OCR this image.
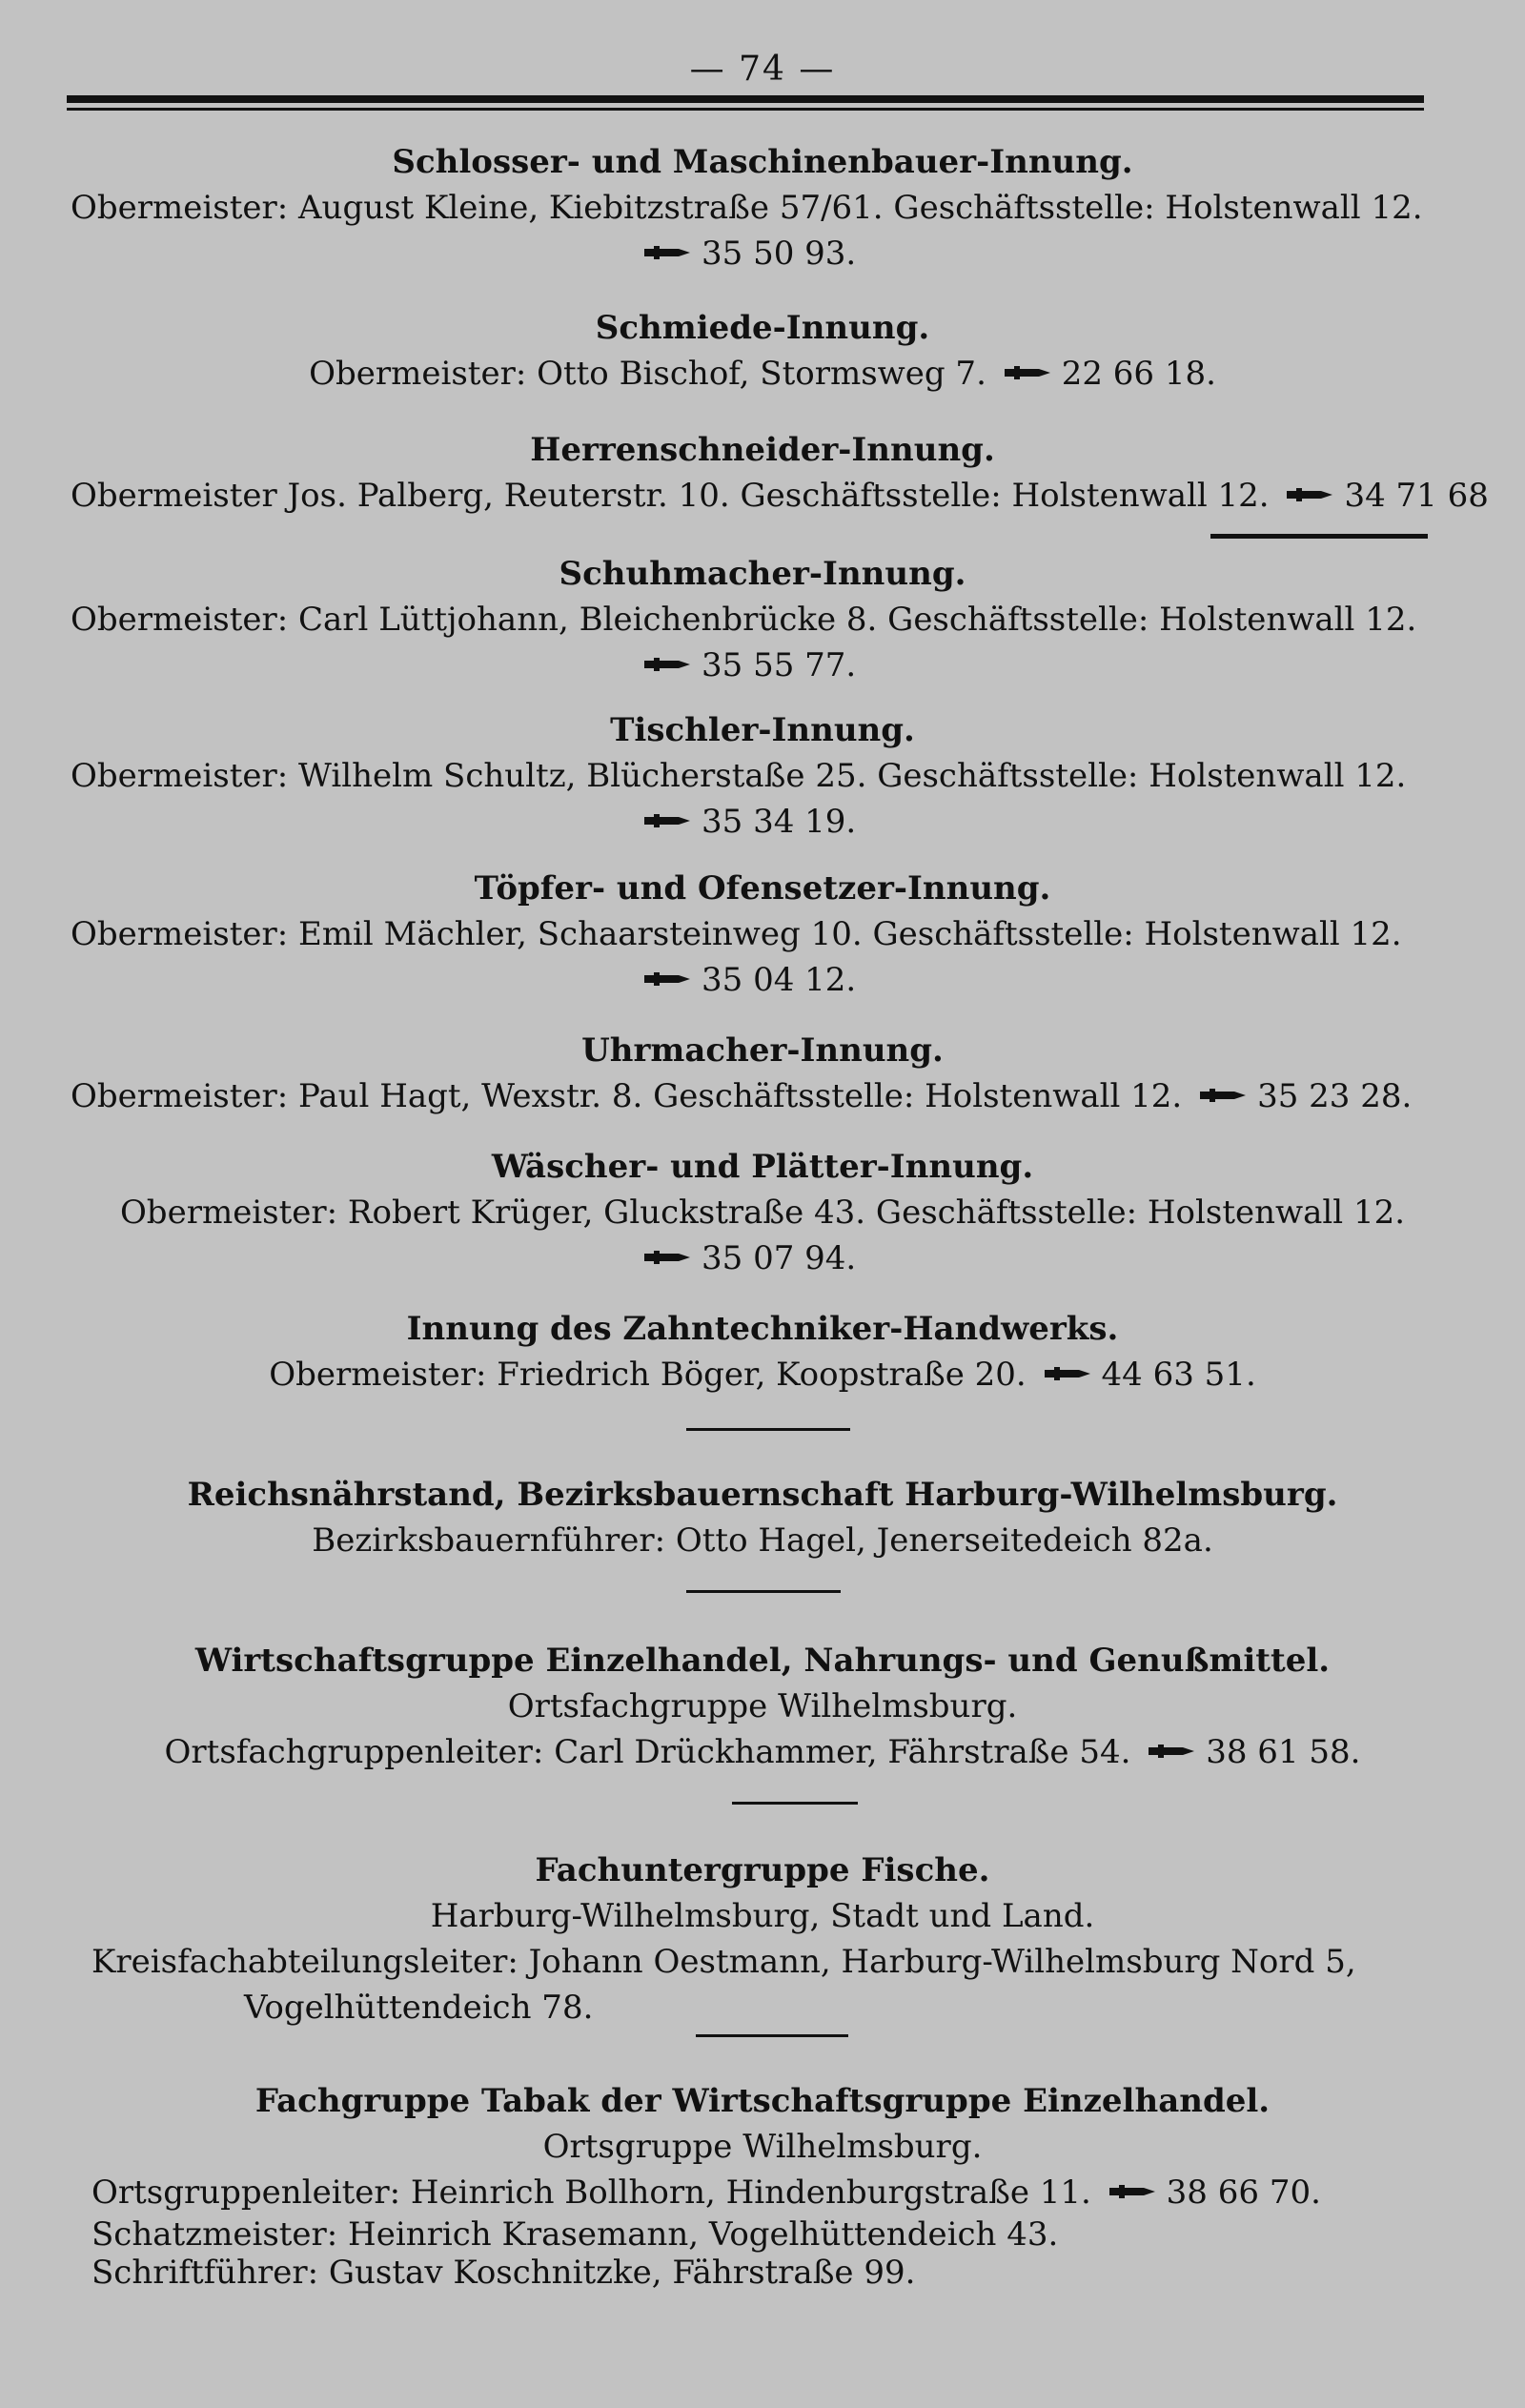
— 74 —
Schlosser- und Maschinenbauer-Innung.
Obermeister: August Kleine, Kiebitzstraße 57/61. Geschäftsstelle: Holstenwall 12.
35 50 93.
Schmiede-Innung.
Obermeister: Otto Bischof, Stormsweg 7. 22 66 18.
Herrenschneider-Innung.
Obermeister Jos. Palberg, Reuterstr. 10. Geschäftsstelle: Holstenwall 12. 34 71 68
Schuhmacher-Innung.
Obermeister: Carl Lüttjohann, Bleichenbrücke 8. Geschäftsstelle: Holstenwall 12.
35 55 77.
Tischler-Innung.
Obermeister: Wilhelm Schultz, Blücherstaße 25. Geschäftsstelle: Holstenwall 12.
35 34 19.
Töpfer- und Ofensetzer-Innung.
Obermeister: Emil Mächler, Schaarsteinweg 10. Geschäftsstelle: Holstenwall 12.
35 04 12.
Uhrmacher-Innung.
Obermeister: Paul Hagt, Wexstr. 8. Geschäftsstelle: Holstenwall 12. 35 23 28.
Wäscher- und Plätter-Innung.
Obermeister: Robert Krüger, Gluckstraße 43. Geschäftsstelle: Holstenwall 12.
35 07 94.
Innung des Zahntechniker-Handwerks.
Obermeister: Friedrich Böger, Koopstraße 20. 44 63 51.
Reichsnährstand, Bezirksbauernschaft Harburg-Wilhelmsburg.
Bezirksbauernführer: Otto Hagel, Jenerseitedeich 82a.
Wirtschaftsgruppe Einzelhandel, Nahrungs- und Genußmittel.
Ortsfachgruppe Wilhelmsburg.
Ortsfachgruppenleiter: Carl Drückhammer, Fährstraße 54. 38 61 58.
Fachuntergruppe Fische.
Harburg-Wilhelmsburg, Stadt und Land.
Kreisfachabteilungsleiter: Johann Oestmann, Harburg-Wilhelmsburg Nord 5,
Vogelhüttendeich 78.
Fachgruppe Tabak der Wirtschaftsgruppe Einzelhandel.
Ortsgruppe Wilhelmsburg.
Ortsgruppenleiter: Heinrich Bollhorn, Hindenburgstraße 11. 38 66 70.
Schatzmeister: Heinrich Krasemann, Vogelhüttendeich 43.
Schriftführer: Gustav Koschnitzke, Fährstraße 99.
